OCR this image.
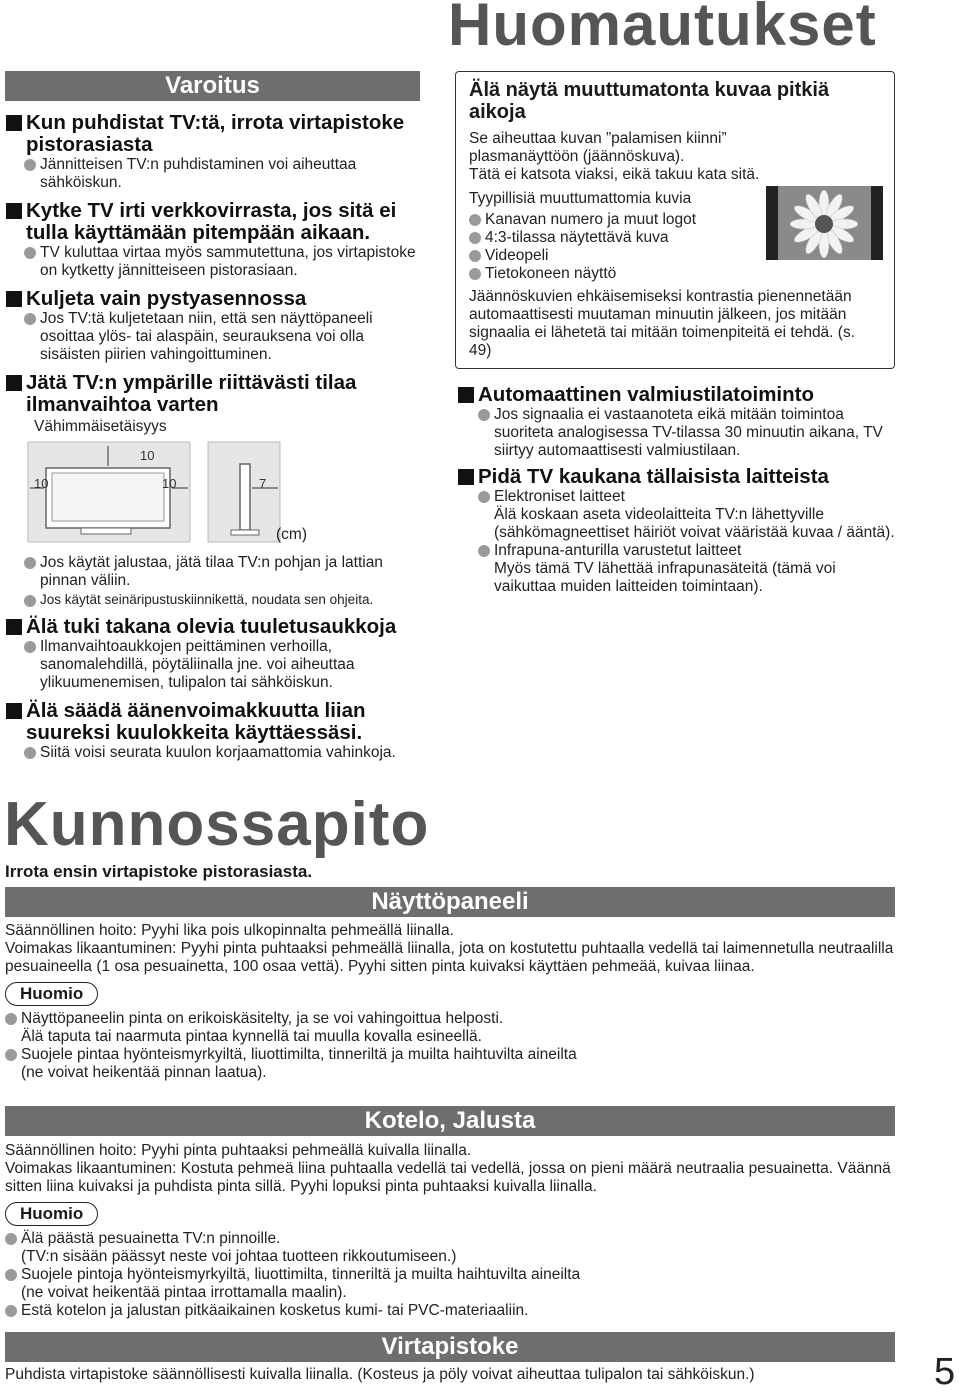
Huomautukset
Varoitus
Kun puhdistat TV:tä, irrota virtapistoke pistorasiasta
Jännitteisen TV:n puhdistaminen voi aiheuttaa sähköiskun.
Kytke TV irti verkkovirrasta, jos sitä ei tulla käyttämään pitempään aikaan.
TV kuluttaa virtaa myös sammutettuna, jos virtapistoke on kytketty jännitteiseen pistorasiaan.
Kuljeta vain pystyasennossa
Jos TV:tä kuljetetaan niin, että sen näyttöpaneeli osoittaa ylös- tai alaspäin, seurauksena voi olla sisäisten piirien vahingoittuminen.
Jätä TV:n ympärille riittävästi tilaa ilmanvaihtoa varten
Vähimmäisetäisyys
10
10	10	7
(cm)
Jos käytät jalustaa, jätä tilaa TV:n pohjan ja lattian pinnan väliin.
Jos käytät seinäripustuskiinnikettä, noudata sen ohjeita.
Älä tuki takana olevia tuuletusaukkoja
Ilmanvaihtoaukkojen peittäminen verhoilla, sanomalehdillä, pöytäliinalla jne. voi aiheuttaa ylikuumenemisen, tulipalon tai sähköiskun.
Älä säädä äänenvoimakkuutta liian suureksi kuulokkeita käyttäessäsi.
Siitä voisi seurata kuulon korjaamattomia vahinkoja.
Älä näytä muuttumatonta kuvaa pitkiä aikoja
Se aiheuttaa kuvan ”palamisen kiinni” plasmanäyttöön (jäännöskuva).
Tätä ei katsota viaksi, eikä takuu kata sitä.
Tyypillisiä muuttumattomia kuvia
Kanavan numero ja muut logot
4:3-tilassa näytettävä kuva
Videopeli
Tietokoneen näyttö
Jäännöskuvien ehkäisemiseksi kontrastia pienennetään automaattisesti muutaman minuutin jälkeen, jos mitään signaalia ei lähetetä tai mitään toimenpiteitä ei tehdä. (s. 49)
Automaattinen valmiustilatoiminto
Jos signaalia ei vastaanoteta eikä mitään toimintoa suoriteta analogisessa TV-tilassa 30 minuutin aikana, TV siirtyy automaattisesti valmiustilaan.
Pidä TV kaukana tällaisista laitteista
Elektroniset laitteet
Älä koskaan aseta videolaitteita TV:n lähettyville (sähkömagneettiset häiriöt voivat vääristää kuvaa / ääntä).
Infrapuna-anturilla varustetut laitteet
Myös tämä TV lähettää infrapunasäteitä (tämä voi vaikuttaa muiden laitteiden toimintaan).
Kunnossapito
Irrota ensin virtapistoke pistorasiasta.
Näyttöpaneeli
Säännöllinen hoito: Pyyhi lika pois ulkopinnalta pehmeällä liinalla.
Voimakas likaantuminen: Pyyhi pinta puhtaaksi pehmeällä liinalla, jota on kostutettu puhtaalla vedellä tai laimennetulla neutraalilla pesuaineella (1 osa pesuainetta, 100 osaa vettä). Pyyhi sitten pinta kuivaksi käyttäen pehmeää, kuivaa liinaa.
Huomio
Näyttöpaneelin pinta on erikoiskäsitelty, ja se voi vahingoittua helposti.
Älä taputa tai naarmuta pintaa kynnellä tai muulla kovalla esineellä.
Suojele pintaa hyönteismyrkyiltä, liuottimilta, tinneriltä ja muilta haihtuvilta aineilta
(ne voivat heikentää pinnan laatua).
Kotelo, Jalusta
Säännöllinen hoito: Pyyhi pinta puhtaaksi pehmeällä kuivalla liinalla.
Voimakas likaantuminen: Kostuta pehmeä liina puhtaalla vedellä tai vedellä, jossa on pieni määrä neutraalia pesuainetta. Väännä sitten liina kuivaksi ja puhdista pinta sillä. Pyyhi lopuksi pinta puhtaaksi kuivalla liinalla.
Huomio
Älä päästä pesuainetta TV:n pinnoille.
(TV:n sisään päässyt neste voi johtaa tuotteen rikkoutumiseen.)
Suojele pintoja hyönteismyrkyiltä, liuottimilta, tinneriltä ja muilta haihtuvilta aineilta
(ne voivat heikentää pintaa irrottamalla maalin).
Estä kotelon ja jalustan pitkäaikainen kosketus kumi- tai PVC-materiaaliin.
Virtapistoke
Puhdista virtapistoke säännöllisesti kuivalla liinalla. (Kosteus ja pöly voivat aiheuttaa tulipalon tai sähköiskun.)	5
